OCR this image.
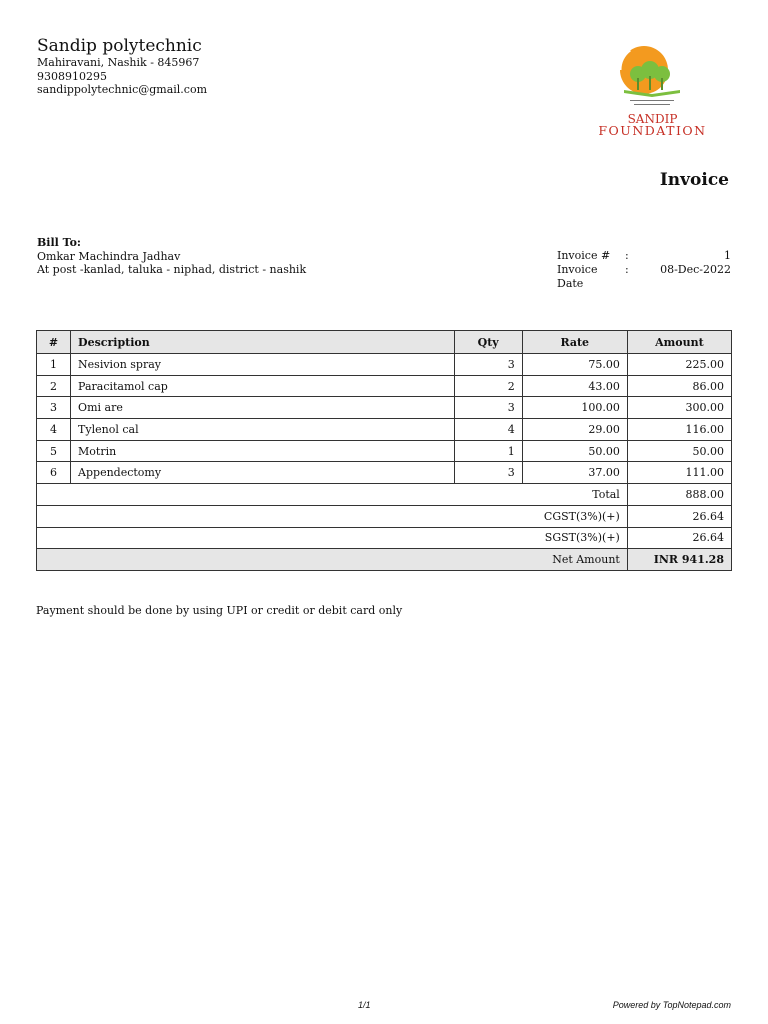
Sandip polytechnic
Mahiravani, Nashik - 845967
9308910295
sandippolytechnic@gmail.com
SANDIP
FOUNDATION
Invoice
Bill To:
Omkar Machindra Jadhav
At post -kanlad, taluka - niphad, district - nashik
Invoice #	:	1
Invoice Date
:	08-Dec-2022
#	Description	Qty	Rate	Amount
1	Nesivion spray	3	75.00	225.00
2	Paracitamol cap	2	43.00	86.00
3	Omi are	3	100.00	300.00
4	Tylenol cal	4	29.00	116.00
5	Motrin	1	50.00	50.00
6	Appendectomy	3	37.00	111.00
Total				888.00
CGST(3%)(+)				26.64
SGST(3%)(+)				26.64
Net Amount				INR 941.28
Payment should be done by using UPI or credit or debit card only
1/1	Powered by TopNotepad.com
